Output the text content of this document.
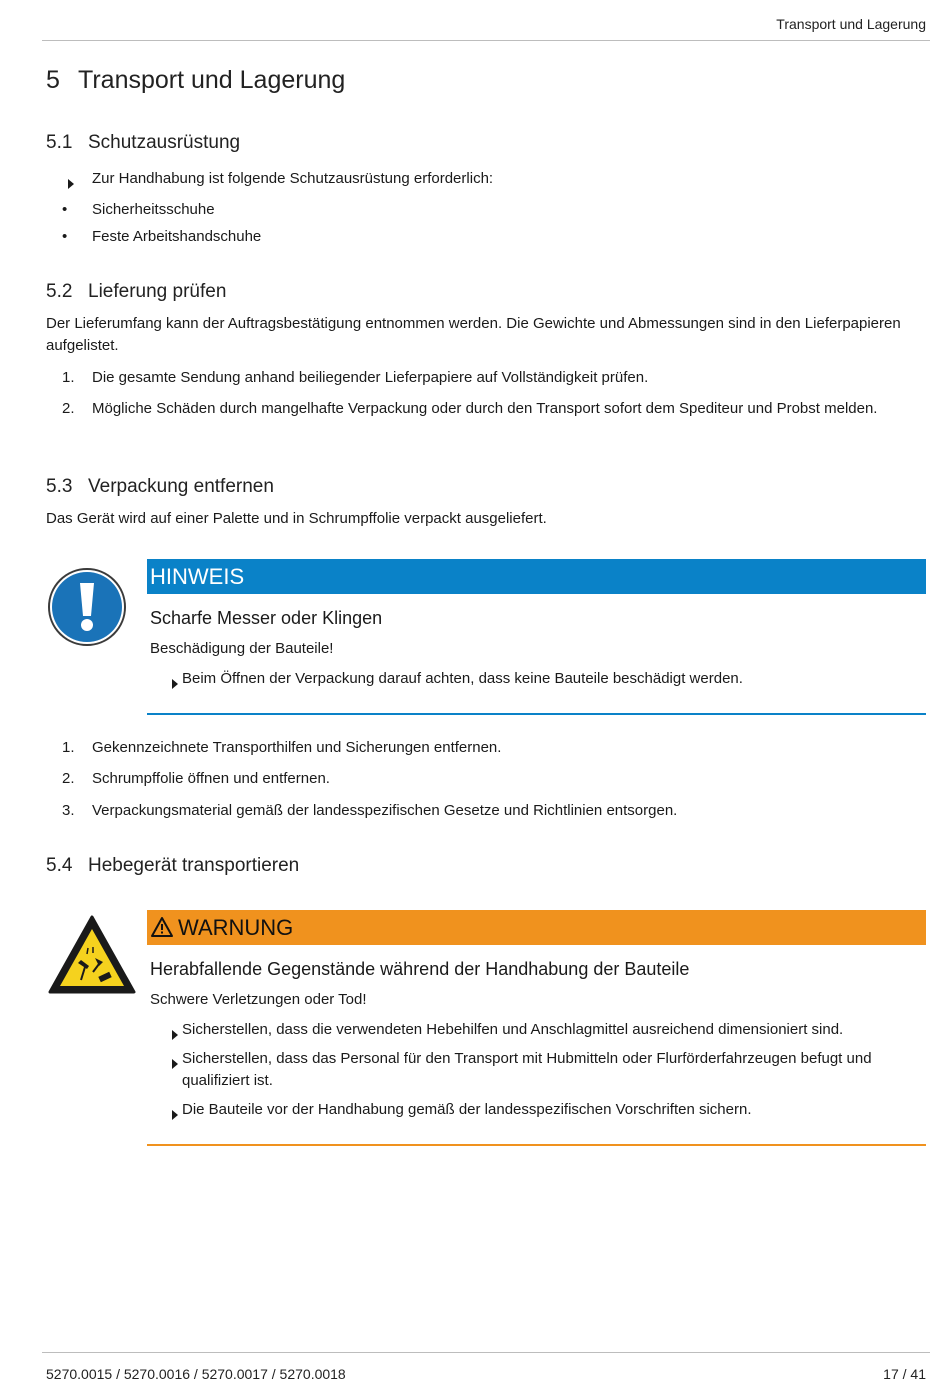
Transport und Lagerung
5 Transport und Lagerung
5.1 Schutzausrüstung
Zur Handhabung ist folgende Schutzausrüstung erforderlich:
•	Sicherheitsschuhe
•	Feste Arbeitshandschuhe
5.2 Lieferung prüfen
Der Lieferumfang kann der Auftragsbestätigung entnommen werden. Die Gewichte und Abmessungen sind in den Lieferpapieren aufgelistet.
1.	Die gesamte Sendung anhand beiliegender Lieferpapiere auf Vollständigkeit prüfen.
2.	Mögliche Schäden durch mangelhafte Verpackung oder durch den Transport sofort dem Spediteur und Probst melden.
5.3 Verpackung entfernen
Das Gerät wird auf einer Palette und in Schrumpffolie verpackt ausgeliefert.
HINWEIS
Scharfe Messer oder Klingen
Beschädigung der Bauteile!
Beim Öffnen der Verpackung darauf achten, dass keine Bauteile beschädigt werden.
1.	Gekennzeichnete Transporthilfen und Sicherungen entfernen.
2.	Schrumpffolie öffnen und entfernen.
3.	Verpackungsmaterial gemäß der landesspezifischen Gesetze und Richtlinien entsorgen.
5.4 Hebegerät transportieren
WARNUNG
Herabfallende Gegenstände während der Handhabung der Bauteile
Schwere Verletzungen oder Tod!
Sicherstellen, dass die verwendeten Hebehilfen und Anschlagmittel ausreichend dimensioniert sind.
Sicherstellen, dass das Personal für den Transport mit Hubmitteln oder Flurförderfahrzeugen befugt und qualifiziert ist.
Die Bauteile vor der Handhabung gemäß der landesspezifischen Vorschriften sichern.
5270.0015 / 5270.0016 / 5270.0017 / 5270.0018	17 / 41
